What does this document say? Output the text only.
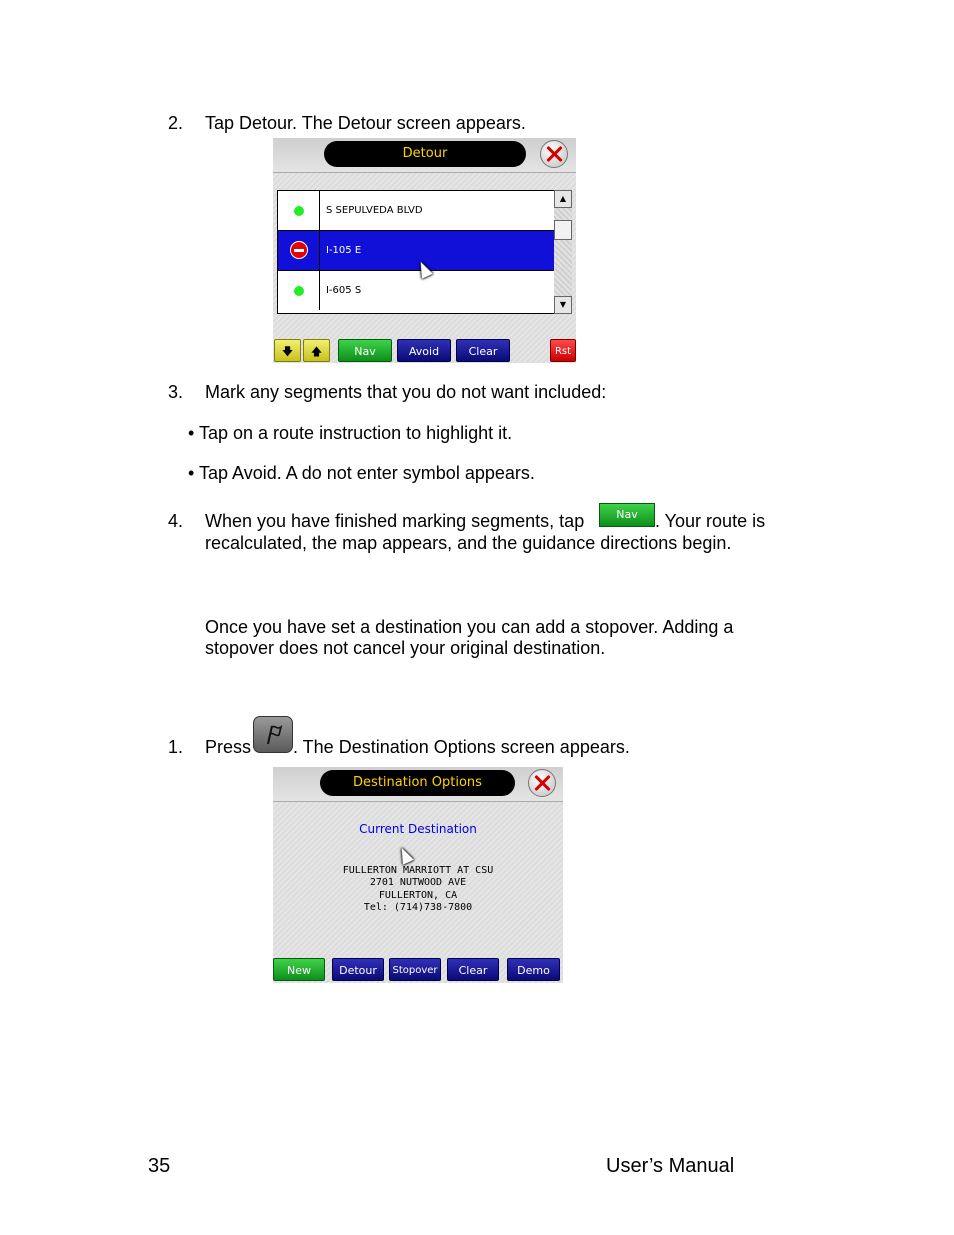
2. Tap Detour. The Detour screen appears.
Detour
S SEPULVEDA BLVD
I-105 E
I-605 S
▲
▼
🡇	🡅	Nav	Avoid	Clear	Rst
3. Mark any segments that you do not want included:
• Tap on a route instruction to highlight it.
• Tap Avoid. A do not enter symbol appears.
4. When you have finished marking segments, tap	Nav . Your route is
recalculated, the map appears, and the guidance directions begin.
Once you have set a destination you can add a stopover. Adding a
stopover does not cancel your original destination.
1. Press . The Destination Options screen appears.
Destination Options
Current Destination
FULLERTON MARRIOTT AT CSU
2701 NUTWOOD AVE
FULLERTON, CA
Tel: (714)738-7800
New	Detour	Stopover	Clear	Demo
35	User’s Manual
